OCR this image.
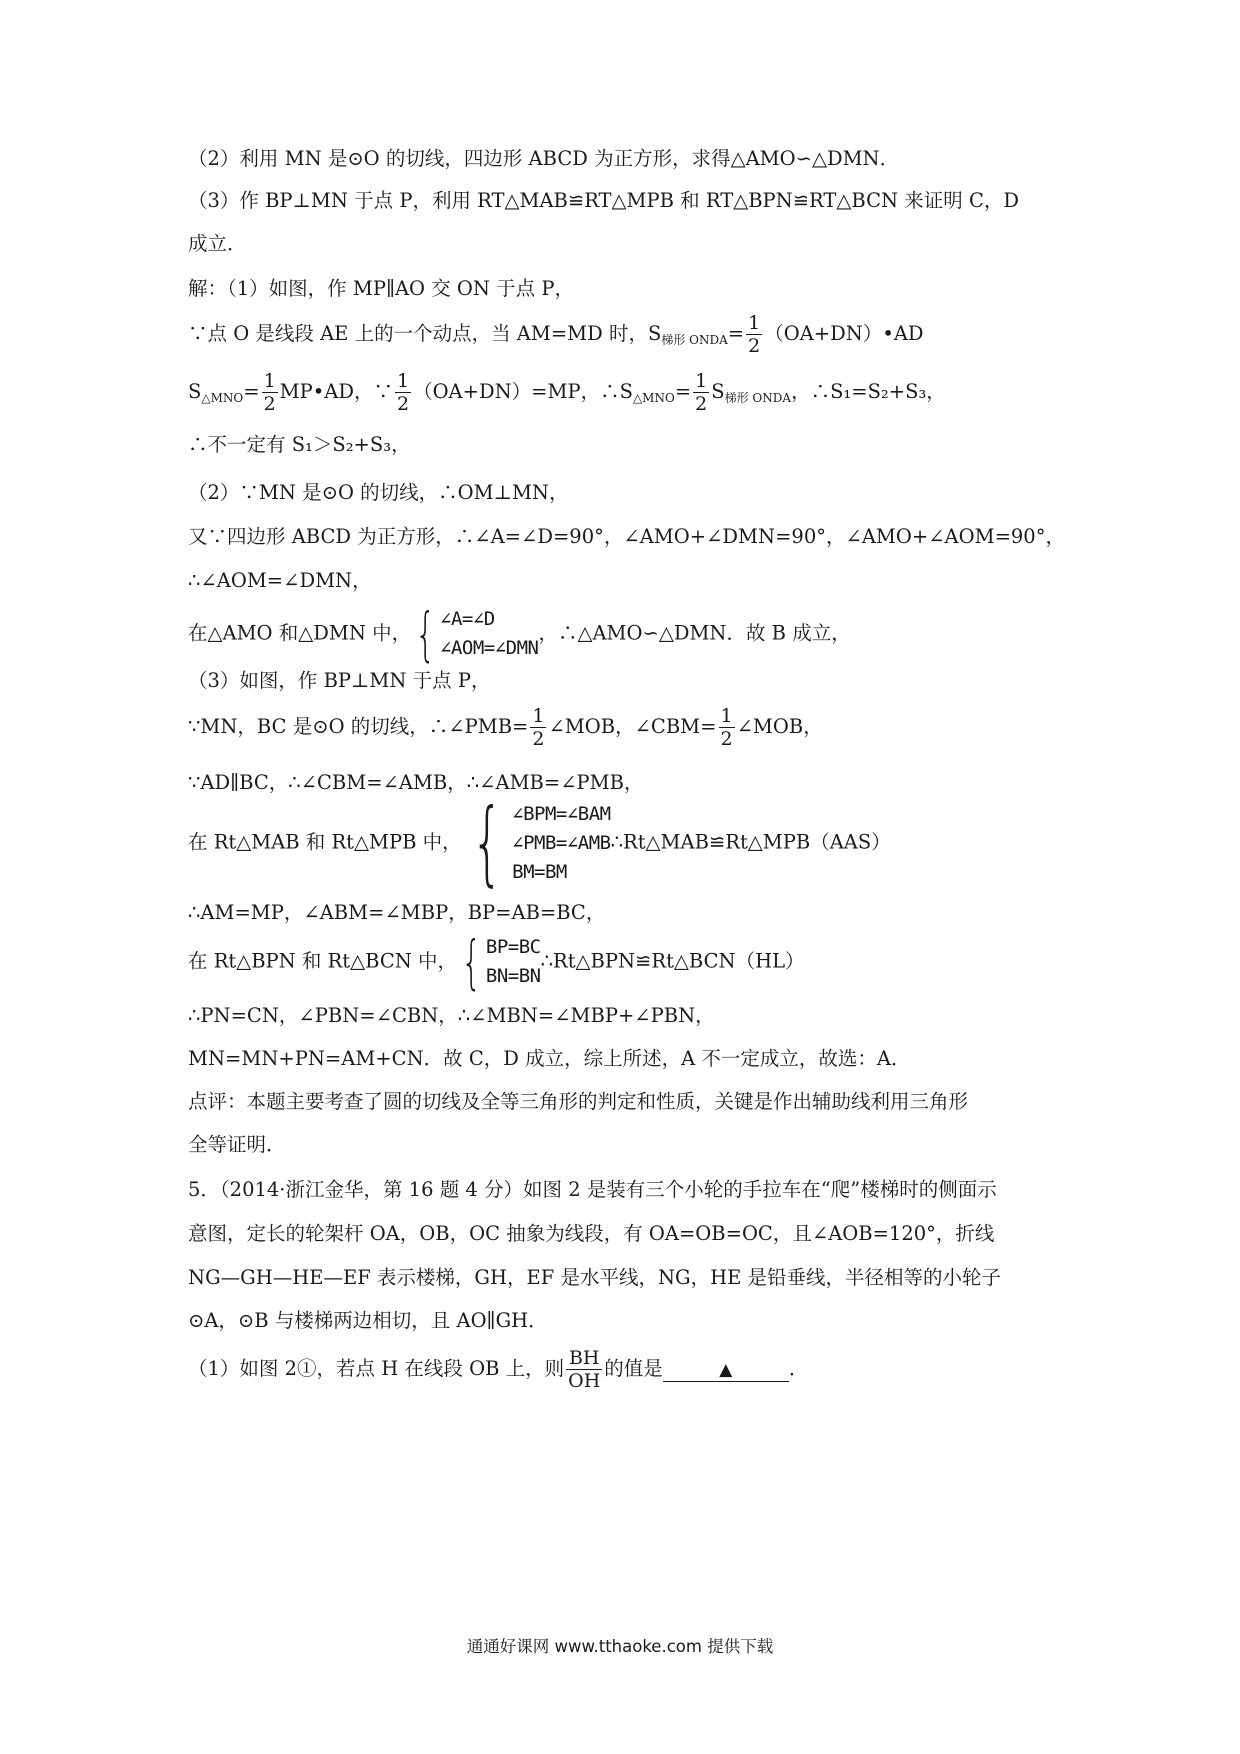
（2）利用 MN 是⊙O 的切线，四边形 ABCD 为正方形，求得△AMO∽△DMN．
（3）作 BP⊥MN 于点 P，利用 RT△MAB≌RT△MPB 和 RT△BPN≌RT△BCN 来证明 C，D
成立．
解：（1）如图，作 MP∥AO 交 ON 于点 P，
∵点 O 是线段 AE 上的一个动点，当 AM=MD 时，$S_{梯形 ONDA}= \frac{1}{2}$ （OA+DN）•AD
$S_{\triangle MNO}= \frac{1}{2}$ MP•AD，∵ $\frac{1}{2} (OA+DN)=MP$，$\therefore S_{\triangle MNO}= \frac{1}{2} S_{梯形 ONDA}$，∴S₁=S₂+S₃，
∴不一定有 S₁＞S₂+S₃，
（2）∵MN 是⊙O 的切线，∴OM⊥MN，
又∵四边形 ABCD 为正方形，∴∠A=∠D=90°，∠AMO+∠DMN=90°，∠AMO+∠AOM=90°，
∴∠AOM=∠DMN，
在△AMO 和△DMN 中，{ ∠A=∠D
∠AOM=∠DMN
，∴△AMO∽△DMN．故 B 成立，
（3）如图，作 BP⊥MN 于点 P，
∵MN，BC 是⊙O 的切线，∴∠PMB= $\frac{1}{2}$ ∠MOB，∠CBM= $\frac{1}{2}$ ∠MOB，
∵AD∥BC，∴∠CBM=∠AMB，∴∠AMB=∠PMB，
在 Rt△MAB 和 Rt△MPB 中，{ ∠BPM=∠BAM
∠PMB=∠AMB
BM=BM
∴Rt△MAB≌Rt△MPB（AAS）
∴AM=MP，∠ABM=∠MBP，BP=AB=BC，
在 Rt△BPN 和 Rt△BCN 中，{ BP=BC
BN=BN
∴Rt△BPN≌Rt△BCN（HL）
∴PN=CN，∠PBN=∠CBN，∴∠MBN=∠MBP+∠PBN，
MN=MN+PN=AM+CN．故 C，D 成立，综上所述，A 不一定成立，故选：A．
点评：本题主要考查了圆的切线及全等三角形的判定和性质，关键是作出辅助线利用三角形
全等证明．
5．（2014·浙江金华，第 16 题 4 分）如图 2 是装有三个小轮的手拉车在“爬”楼梯时的侧面示
意图，定长的轮架杆 OA，OB，OC 抽象为线段，有 OA=OB=OC，且∠AOB=120°，折线
NG—GH—HE—EF 表示楼梯，GH，EF 是水平线，NG，HE 是铅垂线，半径相等的小轮子
⊙A，⊙B 与楼梯两边相切，且 AO∥GH．
（1）如图 2①，若点 H 在线段 OB 上，则 $\frac{BH}{OH}$ 的值是	▲	．
通通好课网 www.tthaoke.com 提供下载
